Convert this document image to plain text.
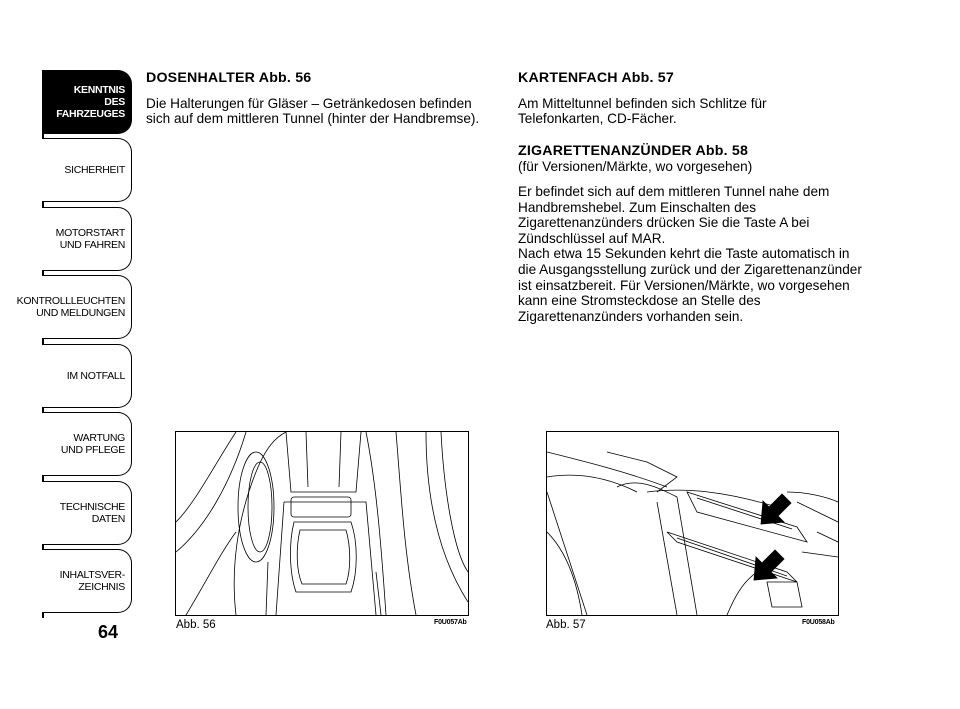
KENNTNIS
DES FAHRZEUGES
SICHERHEIT
MOTORSTART
UND FAHREN
KONTROLLLEUCHTEN
UND MELDUNGEN
IM NOTFALL
WARTUNG
UND PFLEGE
TECHNISCHE
DATEN
INHALTSVER-
ZEICHNIS
64
DOSENHALTER Abb. 56

Die Halterungen für Gläser – Getränkedosen befinden

sich auf dem mittleren Tunnel (hinter der Handbremse).

KARTENFACH Abb. 57

Am Mitteltunnel befinden sich Schlitze für

Telefonkarten, CD-Fächer.

ZIGARETTENANZÜNDER Abb. 58

(für Versionen/Märkte, wo vorgesehen)

Er befindet sich auf dem mittleren Tunnel nahe dem

Handbremshebel. Zum Einschalten des

Zigarettenanzünders drücken Sie die Taste A bei

Zündschlüssel auf MAR.

Nach etwa 15 Sekunden kehrt die Taste automatisch in

die Ausgangsstellung zurück und der Zigarettenanzünder

ist einsatzbereit. Für Versionen/Märkte, wo vorgesehen

kann eine Stromsteckdose an Stelle des

Zigarettenanzünders vorhanden sein.

Abb. 56	F0U057Ab	Abb. 57	F0U058Ab
